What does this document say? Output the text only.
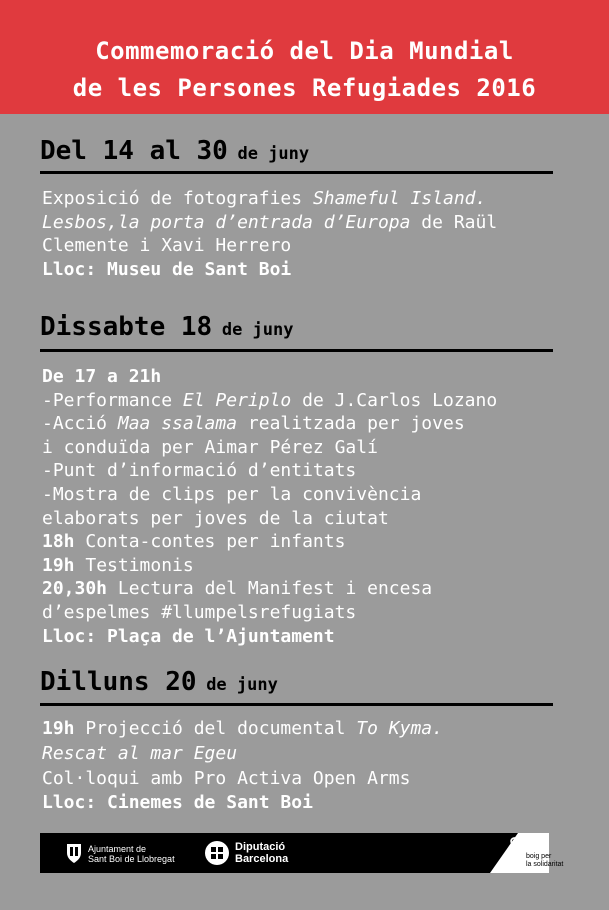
Commemoració del Dia Mundial
de les Persones Refugiades 2016
Del 14 al 30 de juny
Exposició de fotografies Shameful Island.
Lesbos,la porta d’entrada d’Europa de Raül
Clemente i Xavi Herrero
Lloc: Museu de Sant Boi
Dissabte 18 de juny
De 17 a 21h
-Performance El Periplo de J.Carlos Lozano
-Acció Maa ssalama realitzada per joves
i conduïda per Aimar Pérez Galí
-Punt d’informació d’entitats
-Mostra de clips per la convivència
elaborats per joves de la ciutat
18h Conta-contes per infants
19h Testimonis
20,30h Lectura del Manifest i encesa
d’espelmes #llumpelsrefugiats
Lloc: Plaça de l’Ajuntament
Dilluns 20 de juny
19h Projecció del documental To Kyma.
Rescat al mar Egeu
Col·loqui amb Pro Activa Open Arms
Lloc: Cinemes de Sant Boi
Ajuntament de
Sant Boi de Llobregat
Diputació
Barcelona	SB boig per
la solidaritat
